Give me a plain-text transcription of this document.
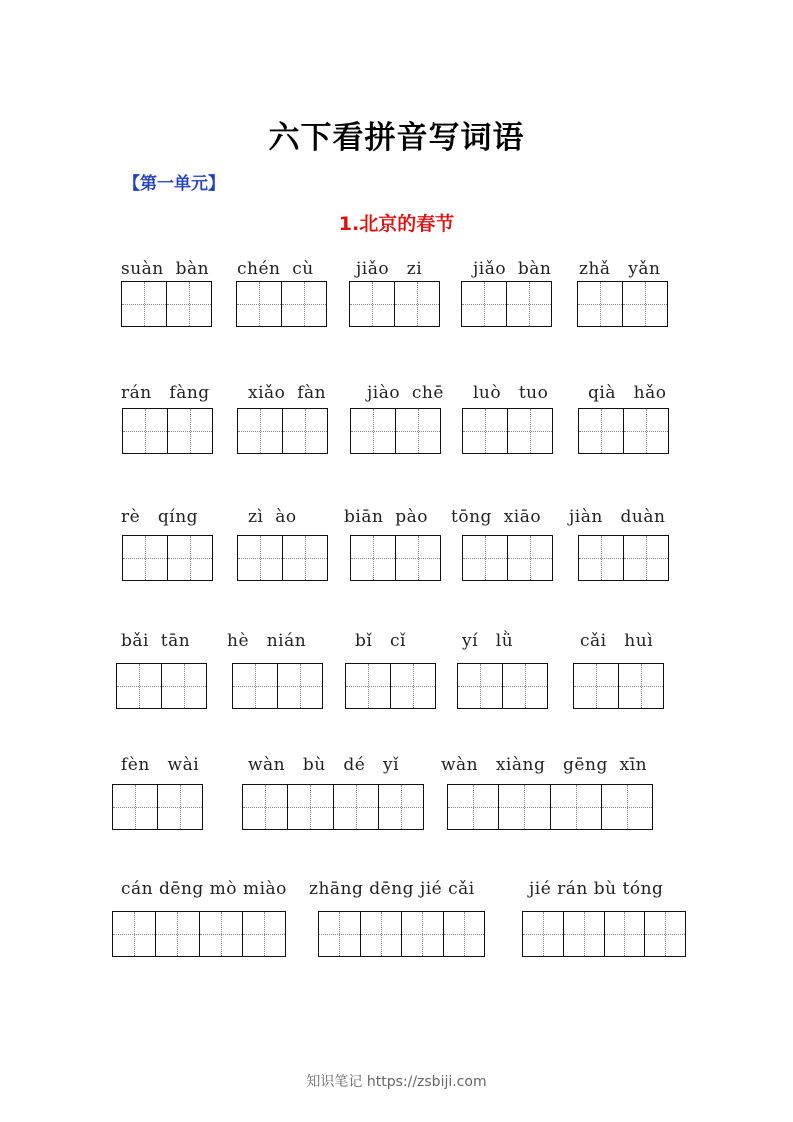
六下看拼音写词语
【第一单元】
1.北京的春节
suàn  bàn chén  cù jiǎo   zi	jiǎo  bàn zhǎ   yǎn
rán   fàng xiǎo  fàn jiào  chē luò   tuo qià   hǎo
rè   qíng	zì  ào	biān  pào tōng  xiāo jiàn   duàn
bǎi  tān hè   nián	bǐ   cǐ	yí   lǜ	cǎi   huì
fèn   wài	wàn   bù   dé   yǐ wàn   xiàng   gēng  xīn
cán dēng mò miào zhāng dēng jié cǎi	jié rán bù tóng
知识笔记 https://zsbiji.com
